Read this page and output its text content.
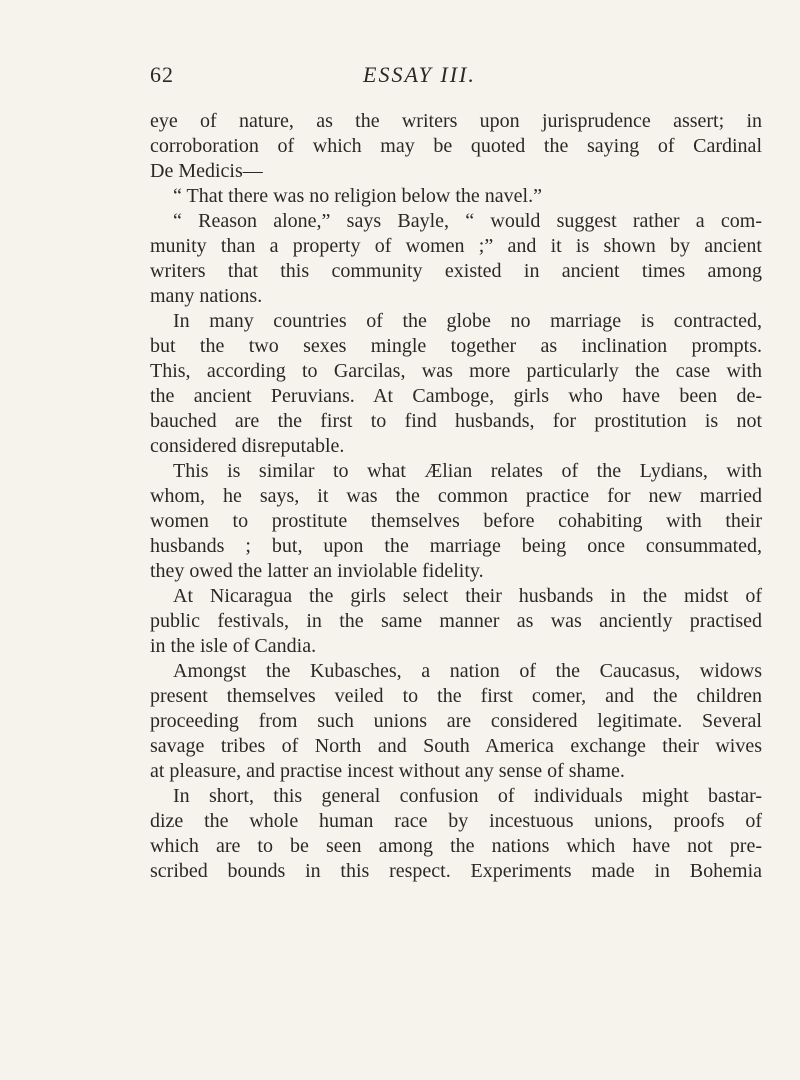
62	ESSAY III.
eye of nature, as the writers upon jurisprudence assert; in
corroboration of which may be quoted the saying of Cardinal
De Medicis—
“ That there was no religion below the navel.”
“ Reason alone,” says Bayle, “ would suggest rather a com-
munity than a property of women ;” and it is shown by ancient
writers that this community existed in ancient times among
many nations.
In many countries of the globe no marriage is contracted,
but the two sexes mingle together as inclination prompts.
This, according to Garcilas, was more particularly the case with
the ancient Peruvians. At Camboge, girls who have been de-
bauched are the first to find husbands, for prostitution is not
considered disreputable.
This is similar to what Ælian relates of the Lydians, with
whom, he says, it was the common practice for new married
women to prostitute themselves before cohabiting with their
husbands ; but, upon the marriage being once consummated,
they owed the latter an inviolable fidelity.
At Nicaragua the girls select their husbands in the midst of
public festivals, in the same manner as was anciently practised
in the isle of Candia.
Amongst the Kubasches, a nation of the Caucasus, widows
present themselves veiled to the first comer, and the children
proceeding from such unions are considered legitimate. Several
savage tribes of North and South America exchange their wives
at pleasure, and practise incest without any sense of shame.
In short, this general confusion of individuals might bastar-
dize the whole human race by incestuous unions, proofs of
which are to be seen among the nations which have not pre-
scribed bounds in this respect. Experiments made in Bohemia
